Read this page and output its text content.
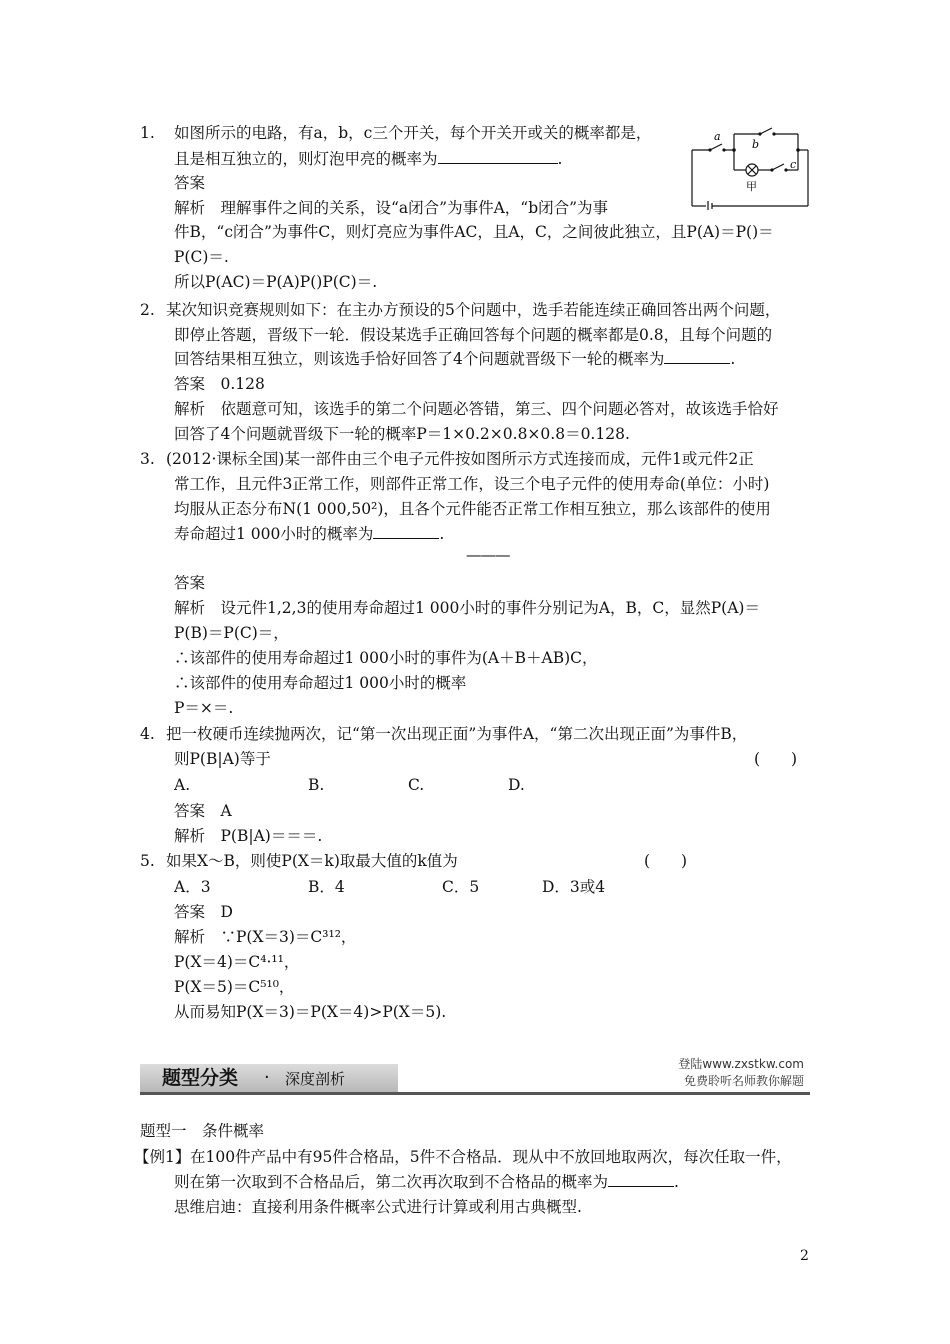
1. 如图所示的电路，有a，b，c三个开关，每个开关开或关的概率都是，
且是相互独立的，则灯泡甲亮的概率为	.
答案
解析　理解事件之间的关系，设“a闭合”为事件A，“b闭合”为事
件B，“c闭合”为事件C，则灯亮应为事件AC，且A，C，之间彼此独立，且P(A)＝P()＝
P(C)＝.
所以P(AC)＝P(A)P()P(C)＝.
a
b
c
甲
2. 某次知识竞赛规则如下：在主办方预设的5个问题中，选手若能连续正确回答出两个问题，
即停止答题，晋级下一轮．假设某选手正确回答每个问题的概率都是0.8，且每个问题的
回答结果相互独立，则该选手恰好回答了4个问题就晋级下一轮的概率为	.
答案　0.128
解析　依题意可知，该选手的第二个问题必答错，第三、四个问题必答对，故该选手恰好
回答了4个问题就晋级下一轮的概率P＝1×0.2×0.8×0.8＝0.128.
3. (2012·课标全国)某一部件由三个电子元件按如图所示方式连接而成，元件1或元件2正
常工作，且元件3正常工作，则部件正常工作，设三个电子元件的使用寿命(单位：小时)
均服从正态分布N(1 000,50²)，且各个元件能否正常工作相互独立，那么该部件的使用
寿命超过1 000小时的概率为	.
———
答案
解析　设元件1,2,3的使用寿命超过1 000小时的事件分别记为A，B，C，显然P(A)＝
P(B)＝P(C)＝，
∴该部件的使用寿命超过1 000小时的事件为(A＋B＋AB)C，
∴该部件的使用寿命超过1 000小时的概率
P＝×＝.
4. 把一枚硬币连续抛两次，记“第一次出现正面”为事件A，“第二次出现正面”为事件B，
则P(B|A)等于	(　　)
A.	B.	C.	D.
答案　A
解析　P(B|A)＝＝＝.
5. 如果X～B，则使P(X＝k)取最大值的k值为	(　　)
A．3	B．4	C．5	D．3或4
答案　D
解析　∵P(X＝3)＝C³¹²，
P(X＝4)＝C⁴·¹¹，
P(X＝5)＝C⁵¹⁰，
从而易知P(X＝3)＝P(X＝4)>P(X＝5).
题型分类 · 深度剖析
登陆www.zxstkw.com
免费聆听名师教你解题
题型一　条件概率
【例1】 在100件产品中有95件合格品，5件不合格品．现从中不放回地取两次，每次任取一件，
则在第一次取到不合格品后，第二次再次取到不合格品的概率为	.
思维启迪：直接利用条件概率公式进行计算或利用古典概型.
2
